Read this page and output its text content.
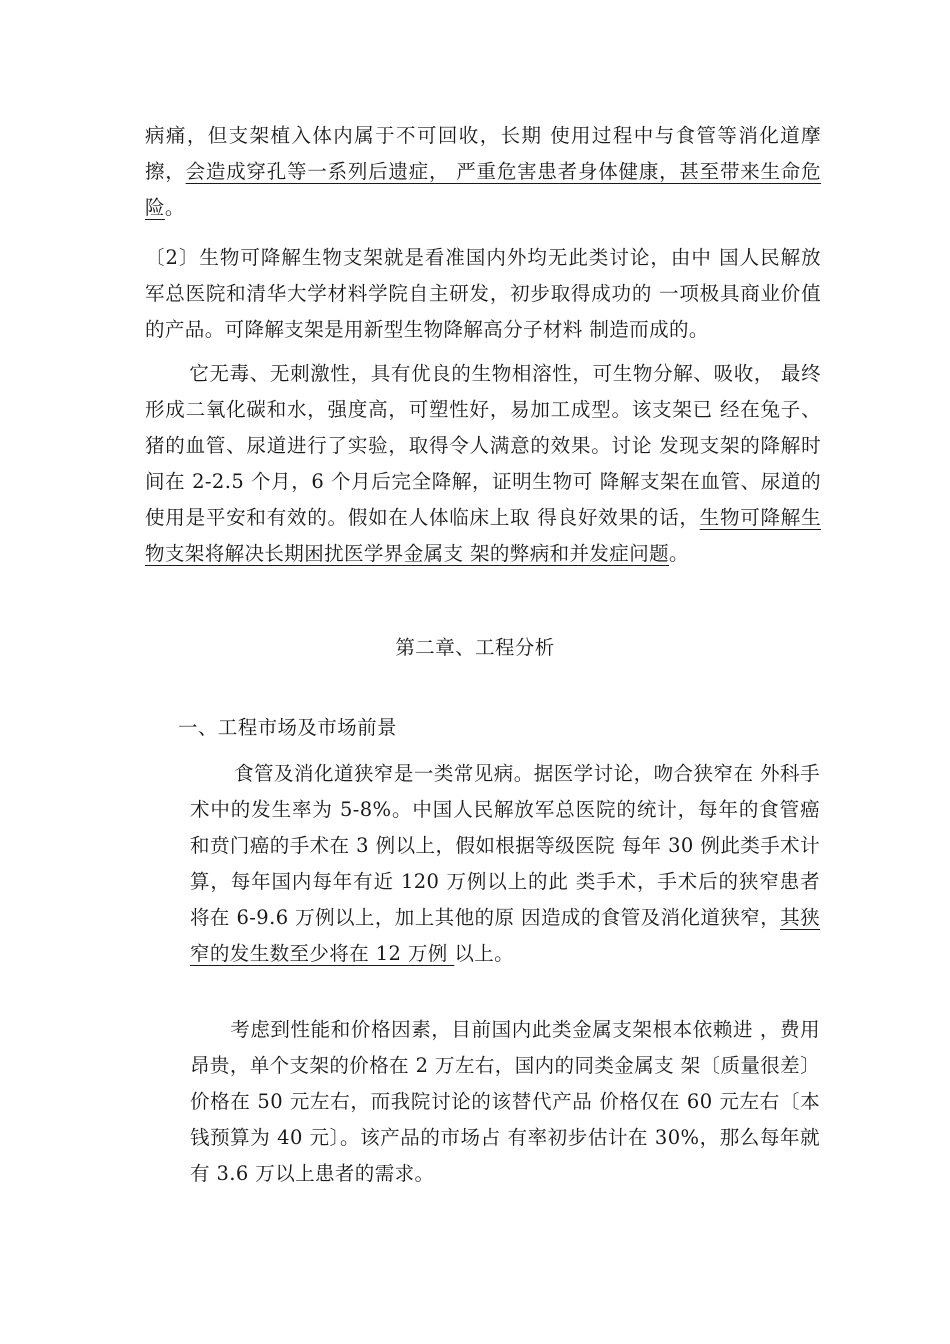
病痛，但支架植入体内属于不可回收，长期 使用过程中与食管等消化道摩擦，会造成穿孔等一系列后遗症， 严重危害患者身体健康，甚至带来生命危险。

〔2〕生物可降解生物支架就是看准国内外均无此类讨论，由中 国人民解放军总医院和清华大学材料学院自主研发，初步取得成功的 一项极具商业价值的产品。可降解支架是用新型生物降解高分子材料 制造而成的。

它无毒、无刺激性，具有优良的生物相溶性，可生物分解、吸收， 最终形成二氧化碳和水，强度高，可塑性好，易加工成型。该支架已 经在兔子、猪的血管、尿道进行了实验，取得令人满意的效果。讨论 发现支架的降解时间在 2-2.5 个月，6 个月后完全降解，证明生物可 降解支架在血管、尿道的使用是平安和有效的。假如在人体临床上取 得良好效果的话，生物可降解生物支架将解决长期困扰医学界金属支 架的弊病和并发症问题。

第二章、工程分析
一、工程市场及市场前景

食管及消化道狭窄是一类常见病。据医学讨论，吻合狭窄在 外科手术中的发生率为 5-8%。中国人民解放军总医院的统计，每年的食管癌和贲门癌的手术在 3 例以上，假如根据等级医院 每年 30 例此类手术计算，每年国内每年有近 120 万例以上的此 类手术，手术后的狭窄患者将在 6-9.6 万例以上，加上其他的原 因造成的食管及消化道狭窄，其狭窄的发生数至少将在 12 万例 以上。

考虑到性能和价格因素，目前国内此类金属支架根本依赖进 ，费用昂贵，单个支架的价格在 2 万左右，国内的同类金属支 架〔质量很差〕价格在 50 元左右，而我院讨论的该替代产品 价格仅在 60 元左右〔本钱预算为 40 元〕。该产品的市场占 有率初步估计在 30%，那么每年就有 3.6 万以上患者的需求。
